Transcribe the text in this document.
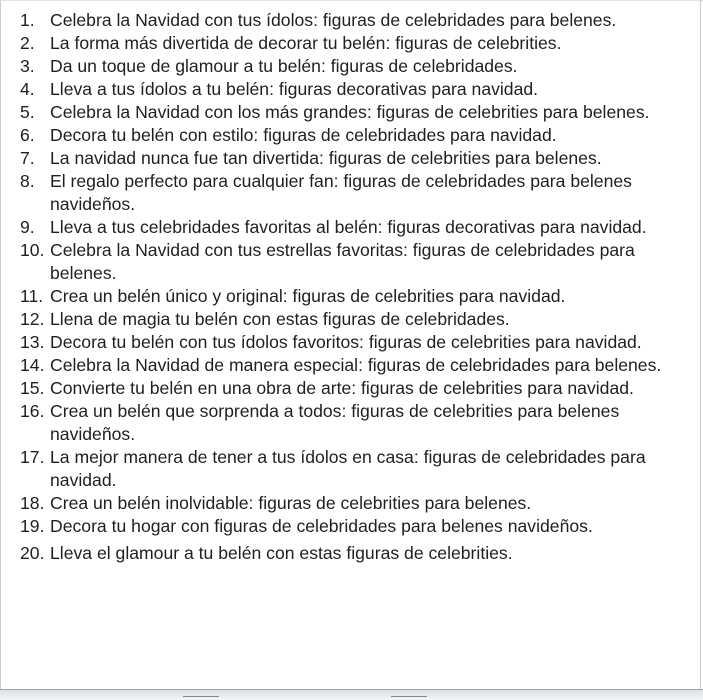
1. Celebra la Navidad con tus ídolos: figuras de celebridades para belenes.
2. La forma más divertida de decorar tu belén: figuras de celebrities.
3. Da un toque de glamour a tu belén: figuras de celebridades.
4. Lleva a tus ídolos a tu belén: figuras decorativas para navidad.
5. Celebra la Navidad con los más grandes: figuras de celebrities para belenes.
6. Decora tu belén con estilo: figuras de celebridades para navidad.
7. La navidad nunca fue tan divertida: figuras de celebrities para belenes.
8. El regalo perfecto para cualquier fan: figuras de celebridades para belenes navideños.
9. Lleva a tus celebridades favoritas al belén: figuras decorativas para navidad.
10. Celebra la Navidad con tus estrellas favoritas: figuras de celebridades para belenes.
11. Crea un belén único y original: figuras de celebrities para navidad.
12. Llena de magia tu belén con estas figuras de celebridades.
13. Decora tu belén con tus ídolos favoritos: figuras de celebrities para navidad.
14. Celebra la Navidad de manera especial: figuras de celebridades para belenes.
15. Convierte tu belén en una obra de arte: figuras de celebrities para navidad.
16. Crea un belén que sorprenda a todos: figuras de celebrities para belenes navideños.
17. La mejor manera de tener a tus ídolos en casa: figuras de celebridades para navidad.
18. Crea un belén inolvidable: figuras de celebrities para belenes.
19. Decora tu hogar con figuras de celebridades para belenes navideños.
20. Lleva el glamour a tu belén con estas figuras de celebrities.
